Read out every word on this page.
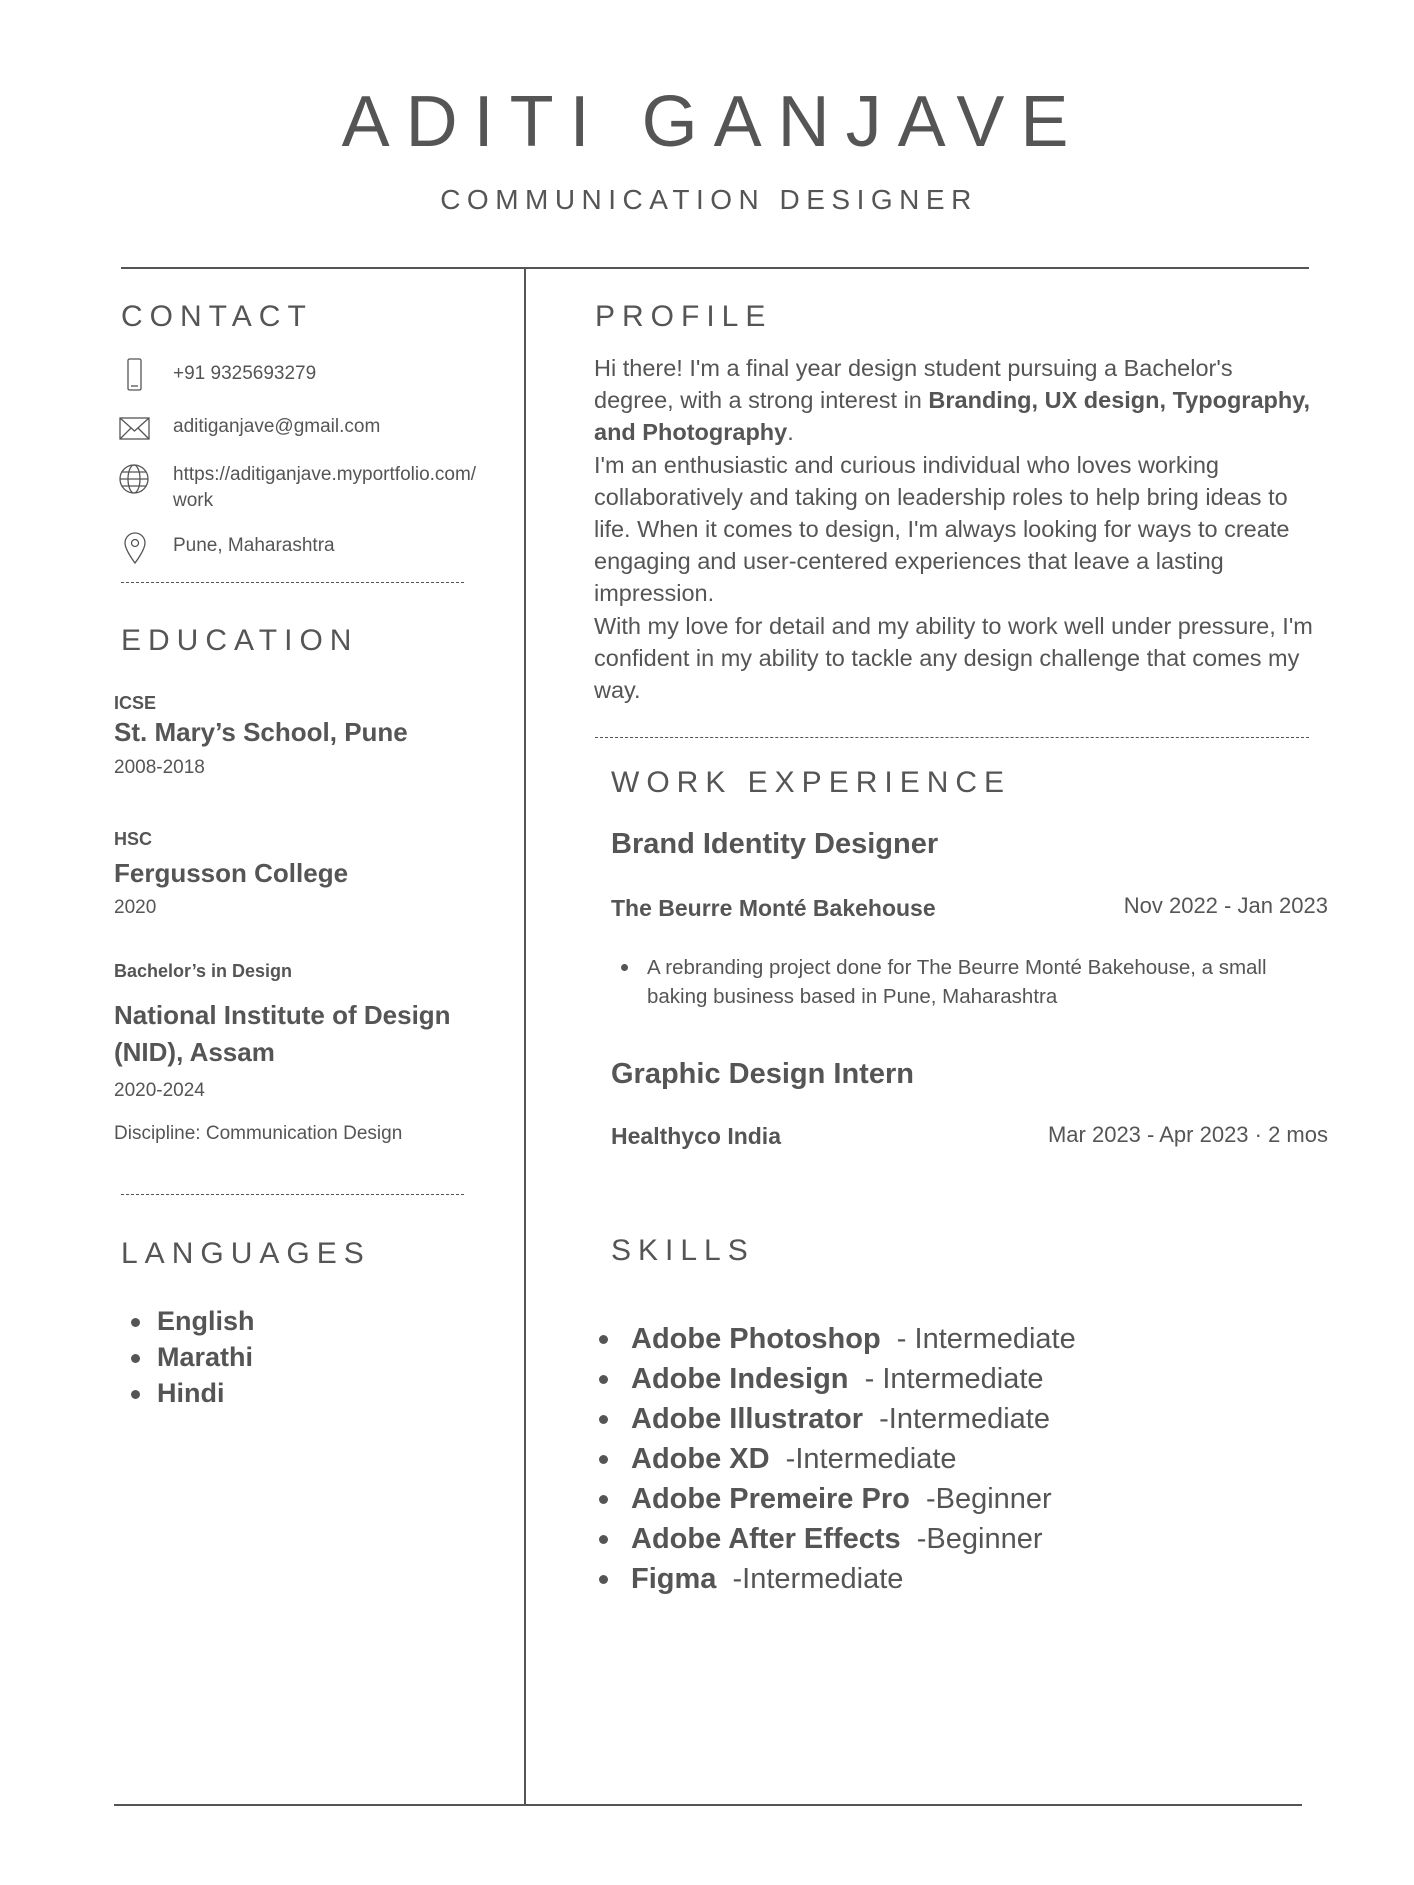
ADITI GANJAVE
COMMUNICATION DESIGNER
CONTACT
+91 9325693279
aditiganjave@gmail.com
https://aditiganjave.myportfolio.com/
work
Pune, Maharashtra
EDUCATION
ICSE
St. Mary’s School, Pune
2008-2018
HSC
Fergusson College
2020
Bachelor’s in Design
National Institute of Design
(NID), Assam
2020-2024
Discipline: Communication Design
LANGUAGES
English
Marathi
Hindi
PROFILE

Hi there! I'm a final year design student pursuing a Bachelor's degree, with a strong interest in Branding, UX design, Typography, and Photography.

I'm an enthusiastic and curious individual who loves working collaboratively and taking on leadership roles to help bring ideas to life. When it comes to design, I'm always looking for ways to create engaging and user-centered experiences that leave a lasting impression.

With my love for detail and my ability to work well under pressure, I'm confident in my ability to tackle any design challenge that comes my way.

WORK EXPERIENCE
Brand Identity Designer
The Beurre Monté Bakehouse	Nov 2022 - Jan 2023
A rebranding project done for The Beurre Monté Bakehouse, a small baking business based in Pune, Maharashtra
Graphic Design Intern
Healthyco India	Mar 2023 - Apr 2023 · 2 mos
SKILLS
Adobe Photoshop  - Intermediate
Adobe Indesign  - Intermediate
Adobe Illustrator  -Intermediate
Adobe XD  -Intermediate
Adobe Premeire Pro  -Beginner
Adobe After Effects  -Beginner
Figma  -Intermediate
